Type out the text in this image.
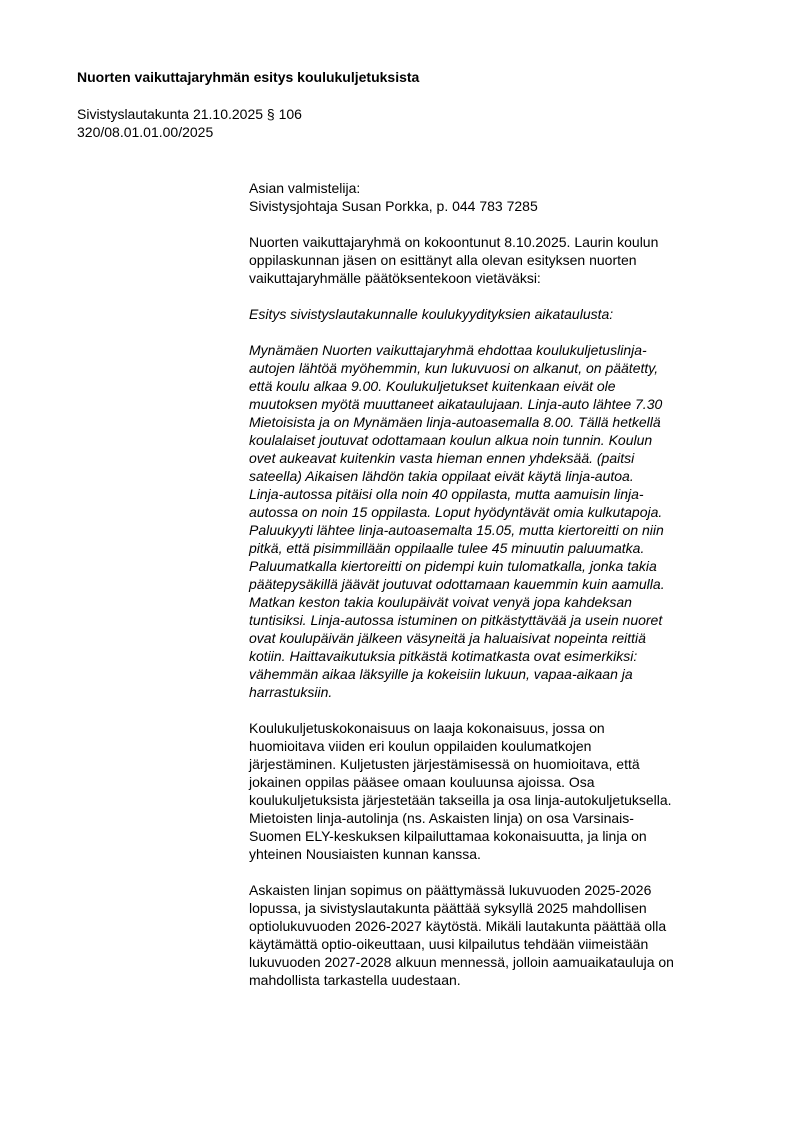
Nuorten vaikuttajaryhmän esitys koulukuljetuksista
Sivistyslautakunta 21.10.2025 § 106
320/08.01.01.00/2025

Asian valmistelija:
Sivistysjohtaja Susan Porkka, p. 044 783 7285

Nuorten vaikuttajaryhmä on kokoontunut 8.10.2025. Laurin koulun
oppilaskunnan jäsen on esittänyt alla olevan esityksen nuorten
vaikuttajaryhmälle päätöksentekoon vietäväksi:

Esitys sivistyslautakunnalle koulukyydityksien aikataulusta:

Mynämäen Nuorten vaikuttajaryhmä ehdottaa koulukuljetuslinja-
autojen lähtöä myöhemmin, kun lukuvuosi on alkanut, on päätetty,
että koulu alkaa 9.00. Koulukuljetukset kuitenkaan eivät ole
muutoksen myötä muuttaneet aikataulujaan. Linja-auto lähtee 7.30
Mietoisista ja on Mynämäen linja-autoasemalla 8.00. Tällä hetkellä
koulalaiset joutuvat odottamaan koulun alkua noin tunnin. Koulun
ovet aukeavat kuitenkin vasta hieman ennen yhdeksää. (paitsi
sateella) Aikaisen lähdön takia oppilaat eivät käytä linja-autoa.
Linja-autossa pitäisi olla noin 40 oppilasta, mutta aamuisin linja-
autossa on noin 15 oppilasta. Loput hyödyntävät omia kulkutapoja.
Paluukyyti lähtee linja-autoasemalta 15.05, mutta kiertoreitti on niin
pitkä, että pisimmillään oppilaalle tulee 45 minuutin paluumatka.
Paluumatkalla kiertoreitti on pidempi kuin tulomatkalla, jonka takia
päätepysäkillä jäävät joutuvat odottamaan kauemmin kuin aamulla.
Matkan keston takia koulupäivät voivat venyä jopa kahdeksan
tuntisiksi. Linja-autossa istuminen on pitkästyttävää ja usein nuoret
ovat koulupäivän jälkeen väsyneitä ja haluaisivat nopeinta reittiä
kotiin. Haittavaikutuksia pitkästä kotimatkasta ovat esimerkiksi:
vähemmän aikaa läksyille ja kokeisiin lukuun, vapaa-aikaan ja
harrastuksiin.

Koulukuljetuskokonaisuus on laaja kokonaisuus, jossa on
huomioitava viiden eri koulun oppilaiden koulumatkojen
järjestäminen. Kuljetusten järjestämisessä on huomioitava, että
jokainen oppilas pääsee omaan kouluunsa ajoissa. Osa
koulukuljetuksista järjestetään takseilla ja osa linja-autokuljetuksella.
Mietoisten linja-autolinja (ns. Askaisten linja) on osa Varsinais-
Suomen ELY-keskuksen kilpailuttamaa kokonaisuutta, ja linja on
yhteinen Nousiaisten kunnan kanssa.

Askaisten linjan sopimus on päättymässä lukuvuoden 2025-2026
lopussa, ja sivistyslautakunta päättää syksyllä 2025 mahdollisen
optiolukuvuoden 2026-2027 käytöstä. Mikäli lautakunta päättää olla
käytämättä optio-oikeuttaan, uusi kilpailutus tehdään viimeistään
lukuvuoden 2027-2028 alkuun mennessä, jolloin aamuaikatauluja on
mahdollista tarkastella uudestaan.
